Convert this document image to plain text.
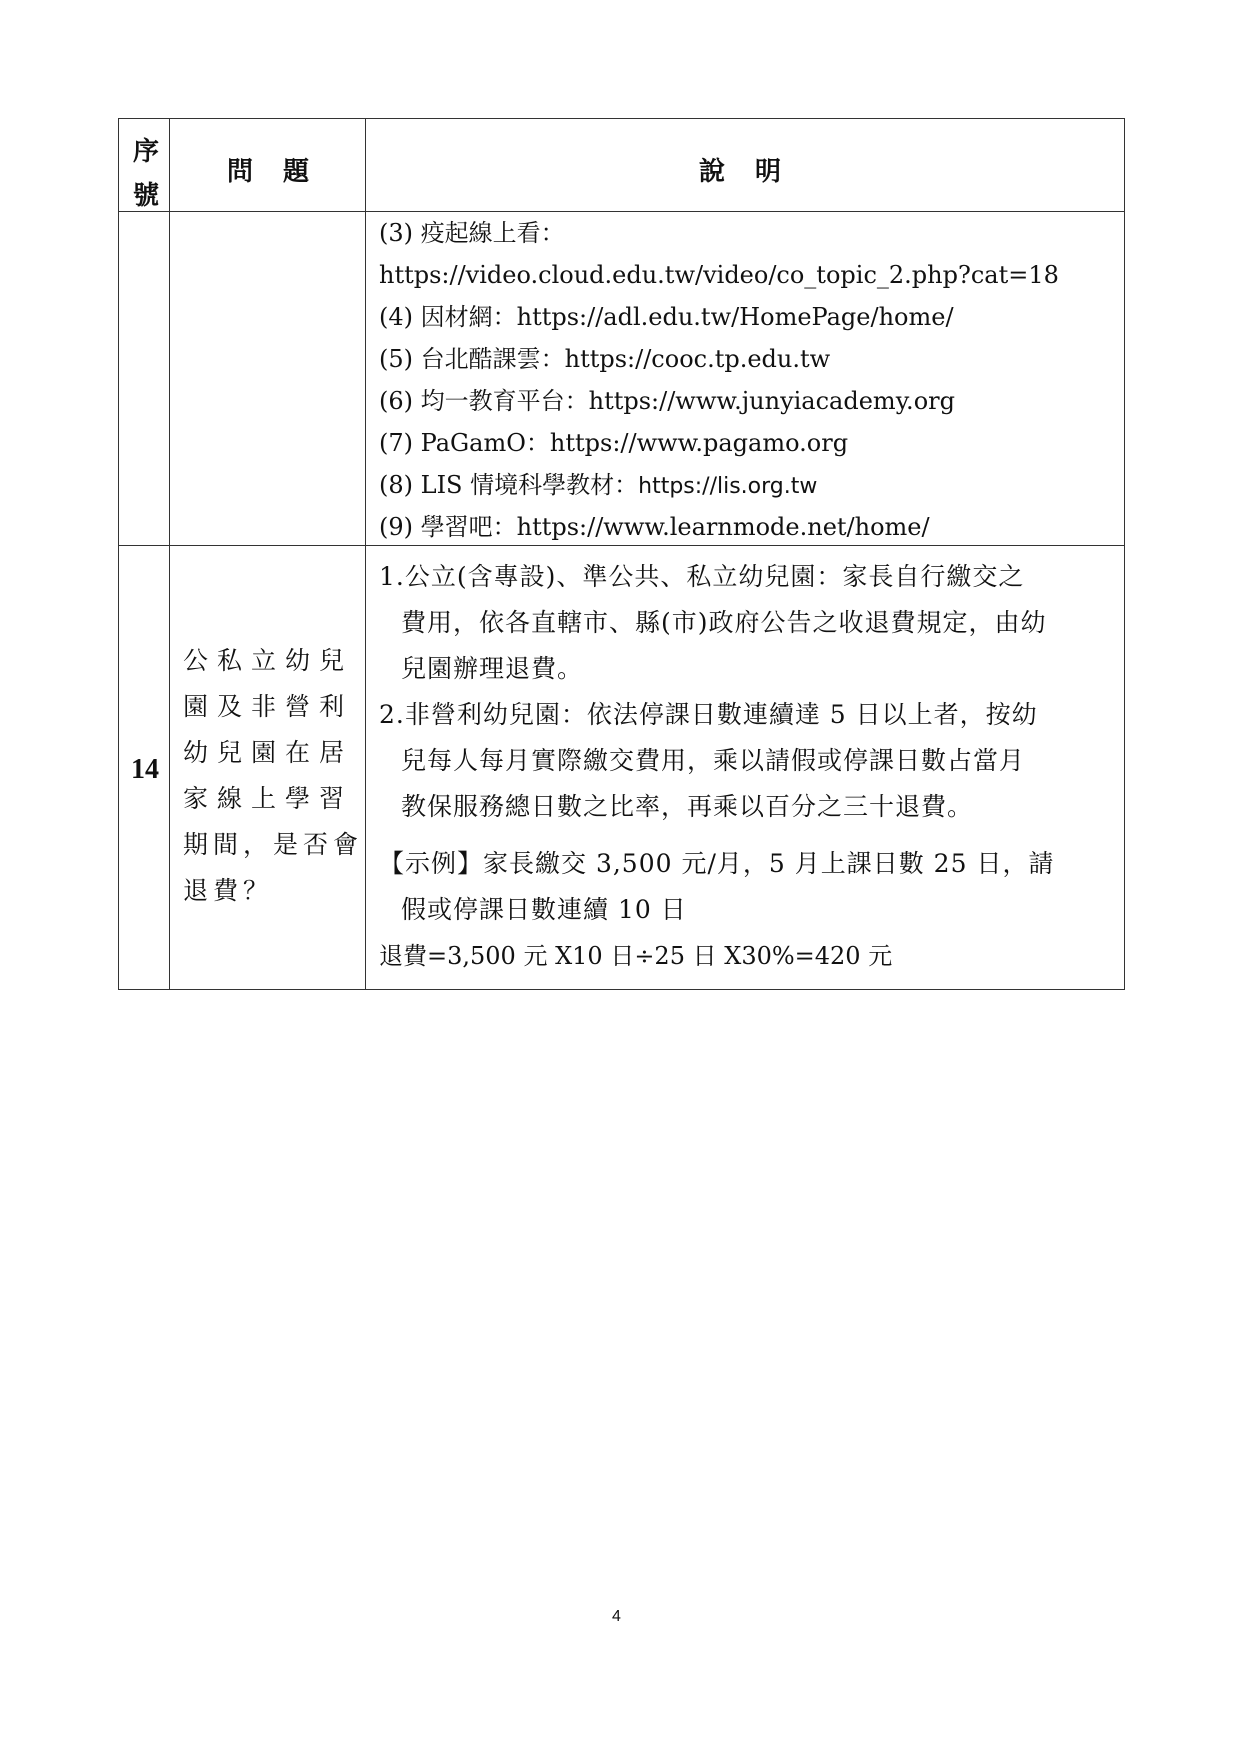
序
號
問　題	說　明
(3) 疫起線上看：
https://video.cloud.edu.tw/video/co_topic_2.php?cat=18
(4) 因材網：https://adl.edu.tw/HomePage/home/
(5) 台北酷課雲：https://cooc.tp.edu.tw
(6) 均一教育平台：https://www.junyiacademy.org
(7) PaGamO：https://www.pagamo.org
(8) LIS 情境科學教材：https://lis.org.tw
(9) 學習吧：https://www.learnmode.net/home/
14
公私立幼兒
園及非營利
幼兒園在居
家線上學習
期間，是否會
退費？
1.公立(含專設)、準公共、私立幼兒園：家長自行繳交之
費用，依各直轄市、縣(市)政府公告之收退費規定，由幼
兒園辦理退費。
2.非營利幼兒園：依法停課日數連續達 5 日以上者，按幼
兒每人每月實際繳交費用，乘以請假或停課日數占當月
教保服務總日數之比率，再乘以百分之三十退費。
【示例】家長繳交 3,500 元/月，5 月上課日數 25 日，請
假或停課日數連續 10 日
退費=3,500 元 X10 日÷25 日 X30%=420 元
4
